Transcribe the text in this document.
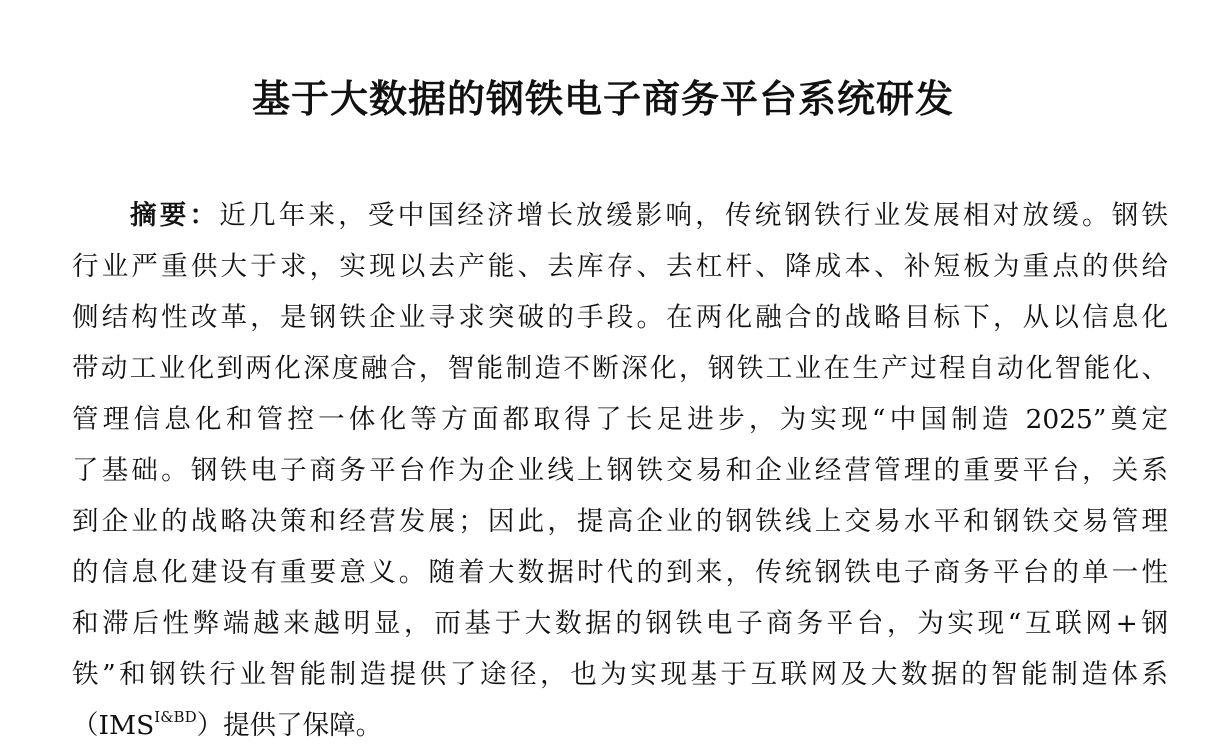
基于大数据的钢铁电子商务平台系统研发
摘要：近几年来，受中国经济增长放缓影响，传统钢铁行业发展相对放缓。钢铁
行业严重供大于求，实现以去产能、去库存、去杠杆、降成本、补短板为重点的供给
侧结构性改革，是钢铁企业寻求突破的手段。在两化融合的战略目标下，从以信息化
带动工业化到两化深度融合，智能制造不断深化，钢铁工业在生产过程自动化智能化、
管理信息化和管控一体化等方面都取得了长足进步，为实现“中国制造 2025”奠定
了基础。钢铁电子商务平台作为企业线上钢铁交易和企业经营管理的重要平台，关系
到企业的战略决策和经营发展；因此，提高企业的钢铁线上交易水平和钢铁交易管理
的信息化建设有重要意义。随着大数据时代的到来，传统钢铁电子商务平台的单一性
和滞后性弊端越来越明显，而基于大数据的钢铁电子商务平台，为实现“互联网+钢
铁”和钢铁行业智能制造提供了途径，也为实现基于互联网及大数据的智能制造体系
$(IMS^{I\&BD})$提供了保障。
